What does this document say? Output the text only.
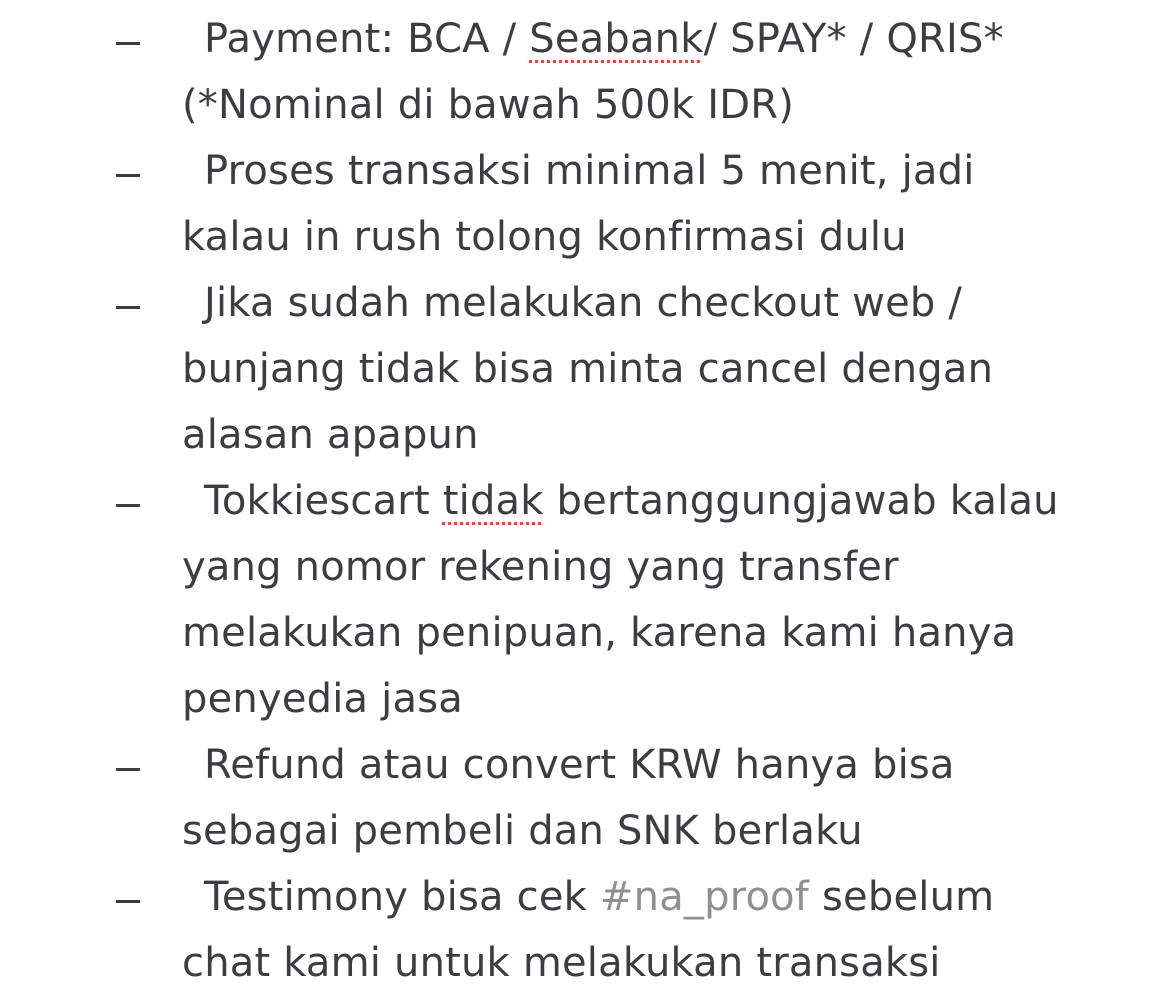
Payment: BCA / Seabank/ SPAY* / QRIS*
(*Nominal di bawah 500k IDR)
Proses transaksi minimal 5 menit, jadi
kalau in rush tolong konfirmasi dulu
Jika sudah melakukan checkout web /
bunjang tidak bisa minta cancel dengan
alasan apapun
Tokkiescart tidak bertanggungjawab kalau
yang nomor rekening yang transfer
melakukan penipuan, karena kami hanya
penyedia jasa
Refund atau convert KRW hanya bisa
sebagai pembeli dan SNK berlaku
Testimony bisa cek #na_proof sebelum
chat kami untuk melakukan transaksi
